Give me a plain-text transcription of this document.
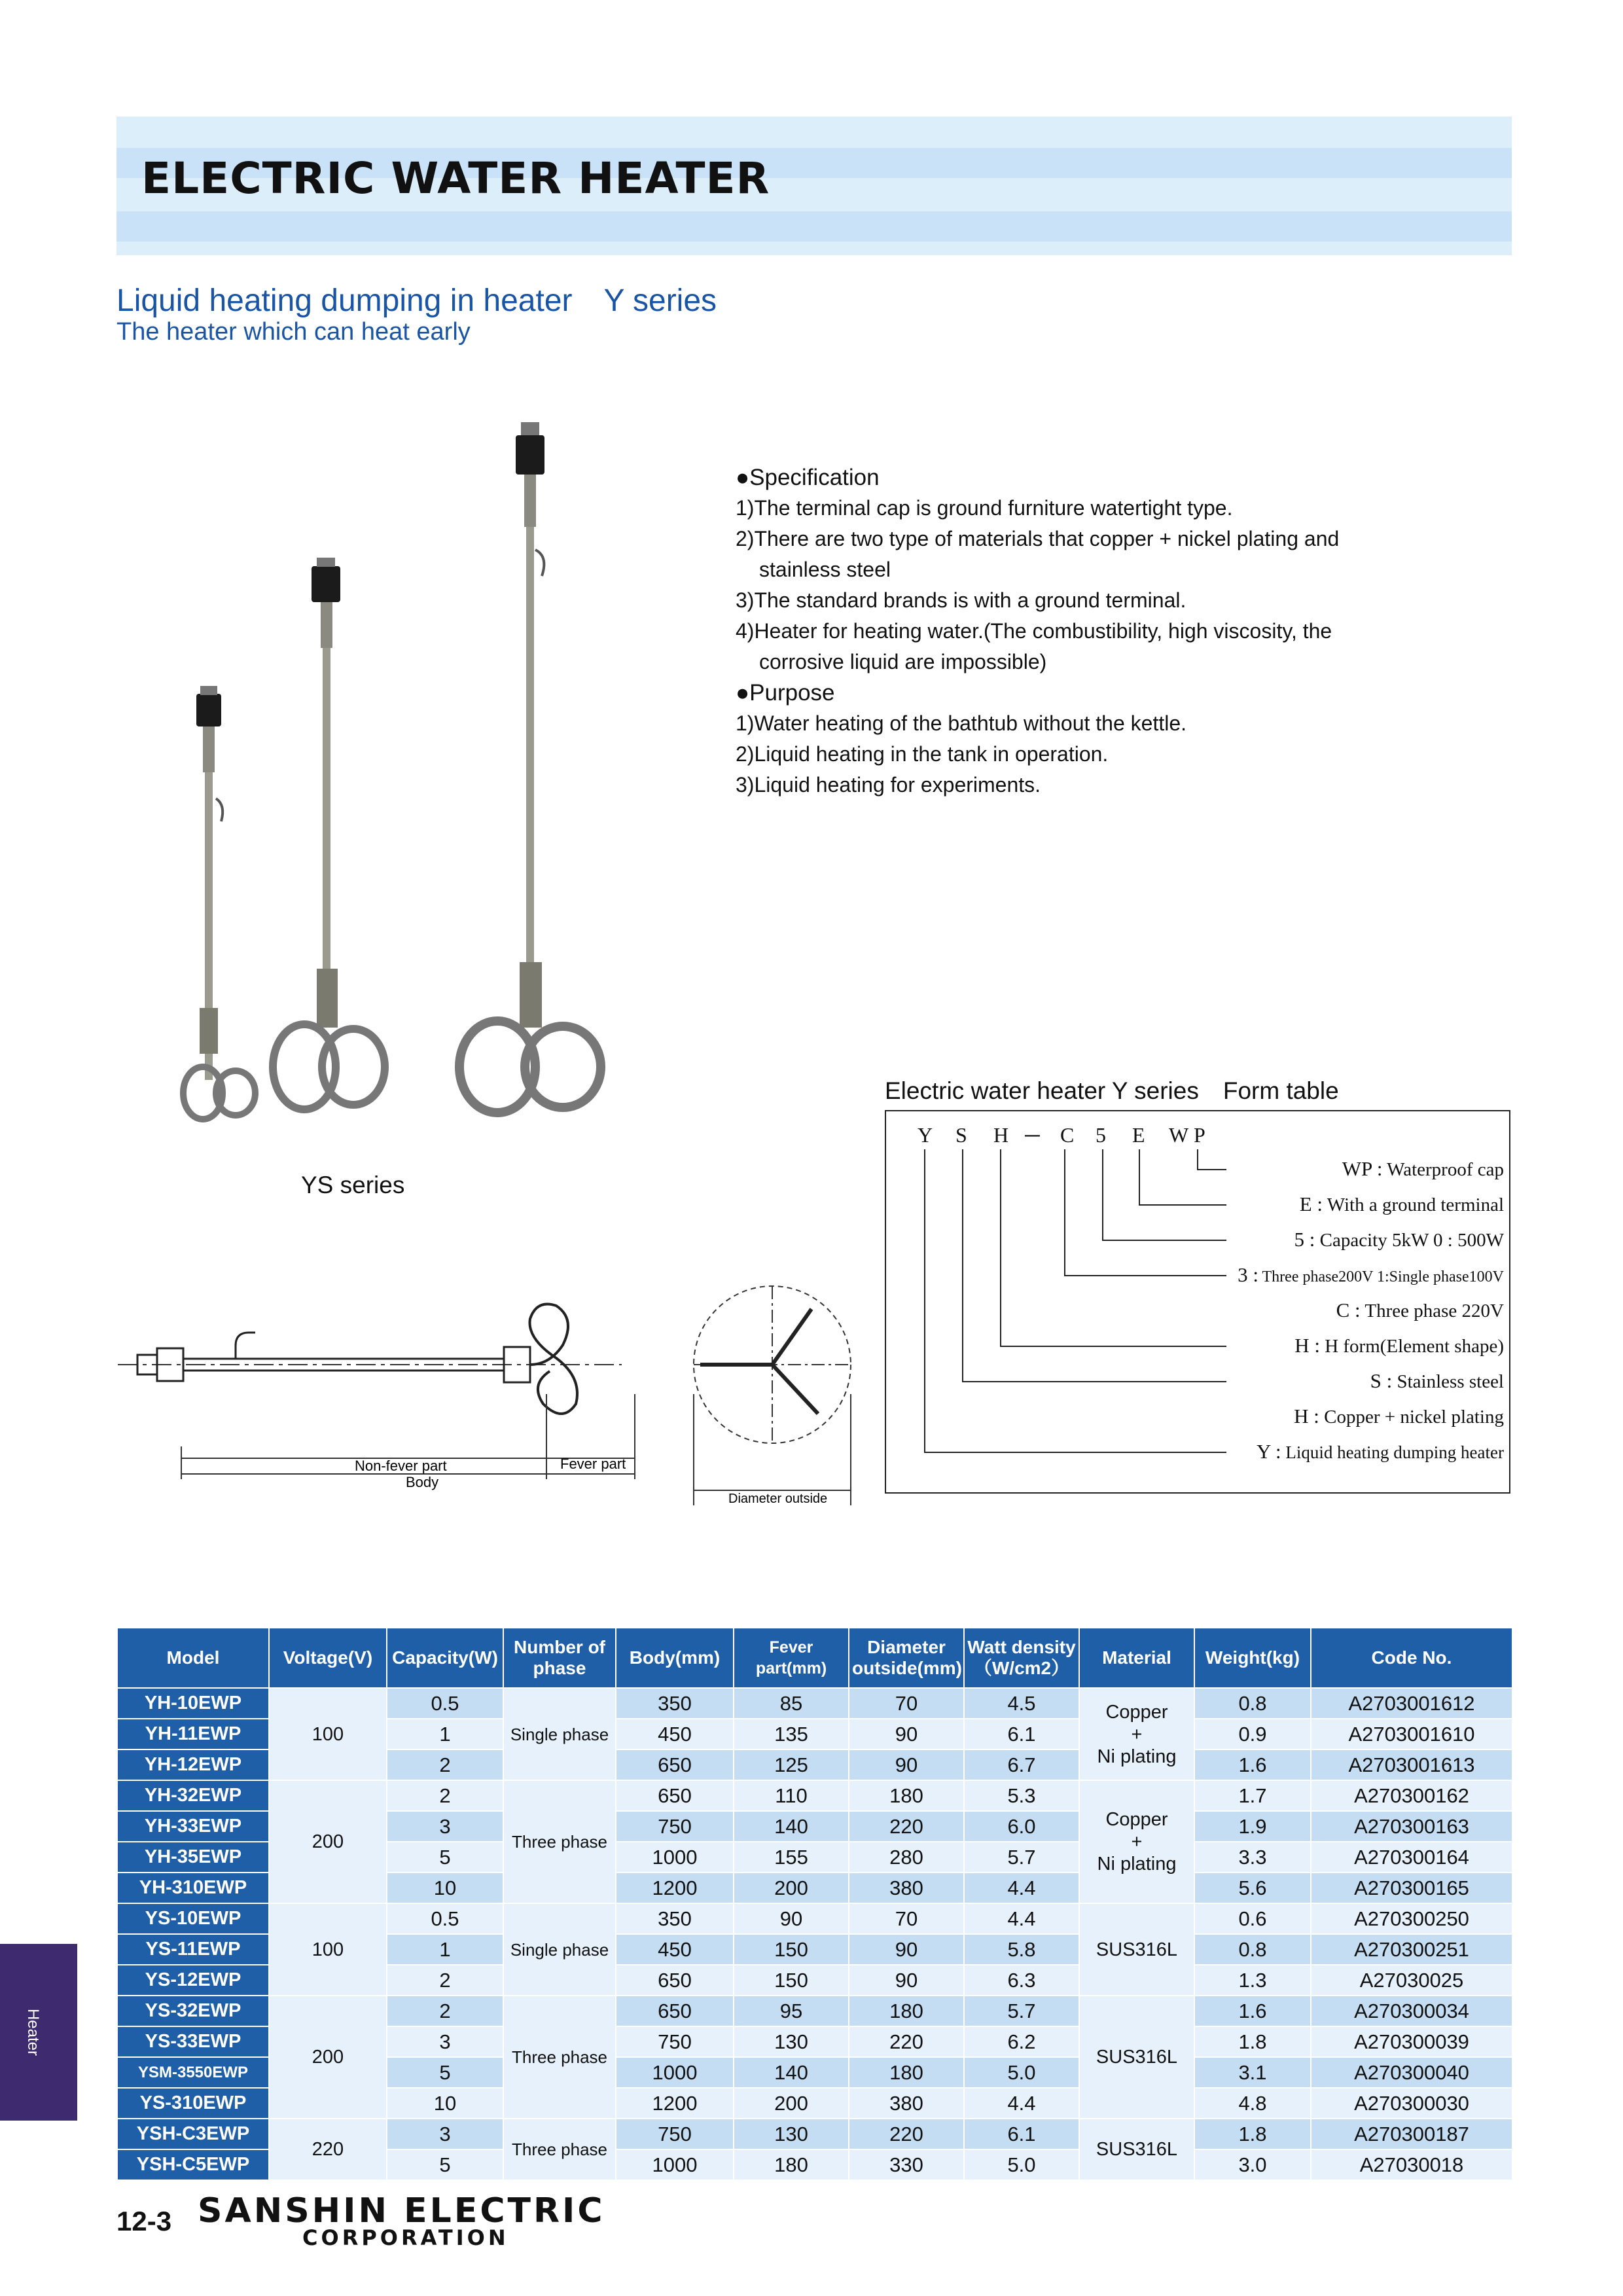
ELECTRIC WATER HEATER
Liquid heating dumping in heater　Y series
The heater which can heat early
YS series
●Specification
1)The terminal cap is ground furniture watertight type.
2)There are two type of materials that copper + nickel plating and
stainless steel
3)The standard brands is with a ground terminal.
4)Heater for heating water.(The combustibility, high viscosity, the
corrosive liquid are impossible)
●Purpose
1)Water heating of the bathtub without the kettle.
2)Liquid heating in the tank in operation.
3)Liquid heating for experiments.
Body
Non-fever part	Fever part
Diameter outside
Electric water heater Y series　Form table
Y S H ─ C 5 E W P
WP : Waterproof cap
E : With a ground terminal
5 : Capacity 5kW 0 : 500W
3 : Three phase200V 1:Single phase100V
C : Three phase 220V
H : H form(Element shape)
S : Stainless steel
H : Copper + nickel plating
Y : Liquid heating dumping heater
Model	Voltage(V)	Capacity(W)	Number of phase	Body(mm)	Fever part(mm)	Diameter outside(mm)	Watt density （W/cm2）	Material	Weight(kg)	Code No.
YH-10EWP	100	0.5	Single phase	350	85	70	4.5	Copper
+
Ni plating	0.8	A2703001612
YH-11EWP		1		450	135	90	6.1		0.9	A2703001610
YH-12EWP		2		650	125	90	6.7		1.6	A2703001613
YH-32EWP	200	2	Three phase	650	110	180	5.3	Copper
+
Ni plating	1.7	A270300162
YH-33EWP		3		750	140	220	6.0		1.9	A270300163
YH-35EWP		5		1000	155	280	5.7		3.3	A270300164
YH-310EWP		10		1200	200	380	4.4		5.6	A270300165
YS-10EWP	100	0.5	Single phase	350	90	70	4.4	SUS316L	0.6	A270300250
YS-11EWP		1		450	150	90	5.8		0.8	A270300251
YS-12EWP		2		650	150	90	6.3		1.3	A27030025
YS-32EWP	200	2	Three phase	650	95	180	5.7	SUS316L	1.6	A270300034
YS-33EWP		3		750	130	220	6.2		1.8	A270300039
YSM-3550EWP		5		1000	140	180	5.0		3.1	A270300040
YS-310EWP		10		1200	200	380	4.4		4.8	A270300030
YSH-C3EWP	220	3	Three phase	750	130	220	6.1	SUS316L	1.8	A270300187
YSH-C5EWP		5		1000	180	330	5.0		3.0	A27030018
Heater
12-3 SANSHIN ELECTRIC
CORPORATION
